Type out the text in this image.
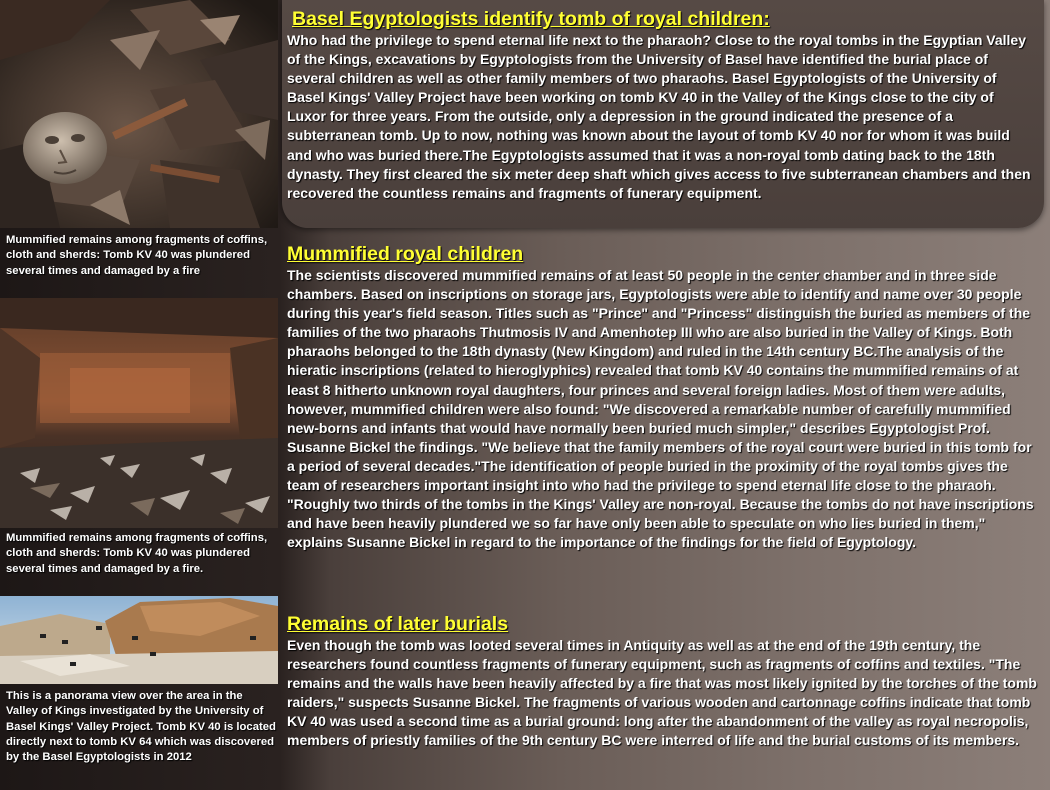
Mummified remains among fragments of coffins, cloth and sherds: Tomb KV 40 was plundered several times and damaged by a fire

Mummified remains among fragments of coffins, cloth and sherds: Tomb KV 40 was plundered several times and damaged by a fire.

This is a panorama view over the area in the Valley of Kings investigated by the University of Basel Kings' Valley Project. Tomb KV 40 is located directly next to tomb KV 64 which was discovered by the Basel Egyptologists in 2012

Basel Egyptologists identify tomb of royal children:

Who had the privilege to spend eternal life next to the pharaoh? Close to the royal tombs in the Egyptian Valley of the Kings, excavations by Egyptologists from the University of Basel have identified the burial place of several children as well as other family members of two pharaohs. Basel Egyptologists of the University of Basel Kings' Valley Project have been working on tomb KV 40 in the Valley of the Kings close to the city of Luxor for three years. From the outside, only a depression in the ground indicated the presence of a subterranean tomb. Up to now, nothing was known about the layout of tomb KV 40 nor for whom it was build and who was buried there.The Egyptologists assumed that it was a non-royal tomb dating back to the 18th dynasty. They first cleared the six meter deep shaft which gives access to five subterranean chambers and then recovered the countless remains and fragments of funerary equipment.

Mummified royal children

The scientists discovered mummified remains of at least 50 people in the center chamber and in three side chambers. Based on inscriptions on storage jars, Egyptologists were able to identify and name over 30 people during this year's field season. Titles such as "Prince" and "Princess" distinguish the buried as members of the families of the two pharaohs Thutmosis IV and Amenhotep III who are also buried in the Valley of Kings. Both pharaohs belonged to the 18th dynasty (New Kingdom) and ruled in the 14th century BC.The analysis of the hieratic inscriptions (related to hieroglyphics) revealed that tomb KV 40 contains the mummified remains of at least 8 hitherto unknown royal daughters, four princes and several foreign ladies. Most of them were adults, however, mummified children were also found: "We discovered a remarkable number of carefully mummified new-borns and infants that would have normally been buried much simpler," describes Egyptologist Prof. Susanne Bickel the findings. "We believe that the family members of the royal court were buried in this tomb for a period of several decades."The identification of people buried in the proximity of the royal tombs gives the team of researchers important insight into who had the privilege to spend eternal life close to the pharaoh. "Roughly two thirds of the tombs in the Kings' Valley are non-royal. Because the tombs do not have inscriptions and have been heavily plundered we so far have only been able to speculate on who lies buried in them," explains Susanne Bickel in regard to the importance of the findings for the field of Egyptology.

Remains of later burials

Even though the tomb was looted several times in Antiquity as well as at the end of the 19th century, the researchers found countless fragments of funerary equipment, such as fragments of coffins and textiles. "The remains and the walls have been heavily affected by a fire that was most likely ignited by the torches of the tomb raiders," suspects Susanne Bickel. The fragments of various wooden and cartonnage coffins indicate that tomb KV 40 was used a second time as a burial ground: long after the abandonment of the valley as royal necropolis, members of priestly families of the 9th century BC were interred of life and the burial customs of its members.
